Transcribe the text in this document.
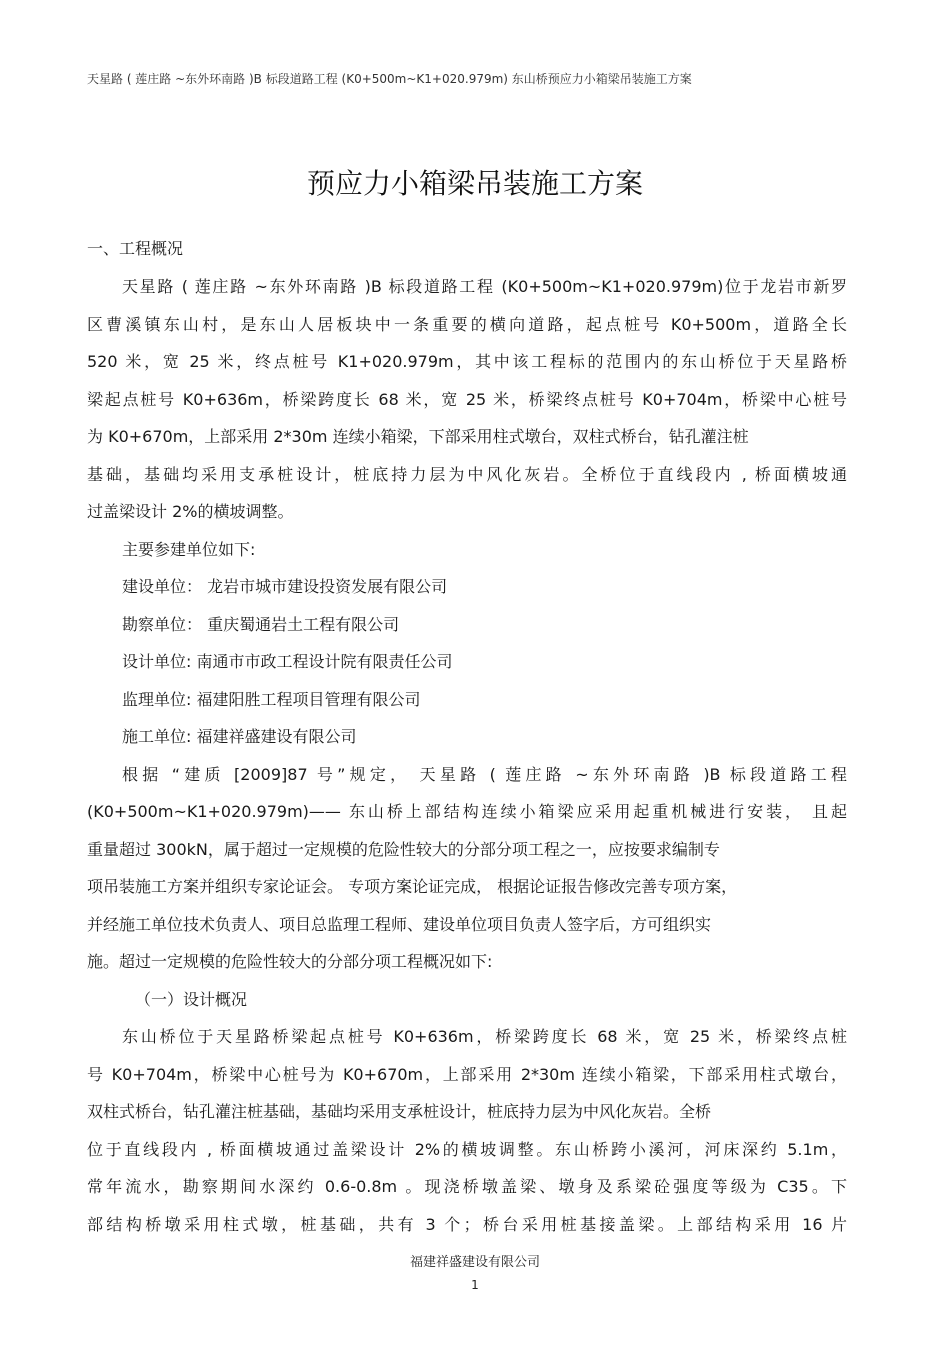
天星路 ( 莲庄路 ~东外环南路 )B 标段道路工程 (K0+500m~K1+020.979m) 东山桥预应力小箱梁吊装施工方案
预应力小箱梁吊装施工方案
一、工程概况
天星路 ( 莲庄路 ~东外环南路 )B 标段道路工程 (K0+500m~K1+020.979m)位于龙岩市新罗
区曹溪镇东山村，是东山人居板块中一条重要的横向道路，起点桩号 K0+500m，道路全长
520 米，宽 25 米，终点桩号 K1+020.979m，其中该工程标的范围内的东山桥位于天星路桥
梁起点桩号 K0+636m，桥梁跨度长 68 米，宽 25 米，桥梁终点桩号 K0+704m，桥梁中心桩号
为 K0+670m，上部采用 2*30m 连续小箱梁，下部采用柱式墩台，双柱式桥台，钻孔灌注桩
基础，基础均采用支承桩设计，桩底持力层为中风化灰岩。全桥位于直线段内 , 桥面横坡通
过盖梁设计 2%的横坡调整。
主要参建单位如下:
建设单位： 龙岩市城市建设投资发展有限公司
勘察单位： 重庆蜀通岩土工程有限公司
设计单位: 南通市市政工程设计院有限责任公司
监理单位: 福建阳胜工程项目管理有限公司
施工单位: 福建祥盛建设有限公司
根据 “建质 [2009]87 号”规定， 天星路 ( 莲庄路 ~东外环南路 )B 标段道路工程
(K0+500m~K1+020.979m)—— 东山桥上部结构连续小箱梁应采用起重机械进行安装， 且起
重量超过 300kN，属于超过一定规模的危险性较大的分部分项工程之一，应按要求编制专
项吊装施工方案并组织专家论证会。 专项方案论证完成， 根据论证报告修改完善专项方案，
并经施工单位技术负责人、项目总监理工程师、建设单位项目负责人签字后，方可组织实
施。超过一定规模的危险性较大的分部分项工程概况如下:
（一）设计概况
东山桥位于天星路桥梁起点桩号 K0+636m，桥梁跨度长 68 米，宽 25 米，桥梁终点桩
号 K0+704m，桥梁中心桩号为 K0+670m，上部采用 2*30m 连续小箱梁，下部采用柱式墩台，
双柱式桥台，钻孔灌注桩基础，基础均采用支承桩设计，桩底持力层为中风化灰岩。全桥
位于直线段内 , 桥面横坡通过盖梁设计 2%的横坡调整。东山桥跨小溪河，河床深约 5.1m，
常年流水，勘察期间水深约 0.6-0.8m 。现浇桥墩盖梁、墩身及系梁砼强度等级为 C35。下
部结构桥墩采用柱式墩，桩基础，共有 3 个；桥台采用桩基接盖梁。上部结构采用 16 片
福建祥盛建设有限公司
1
